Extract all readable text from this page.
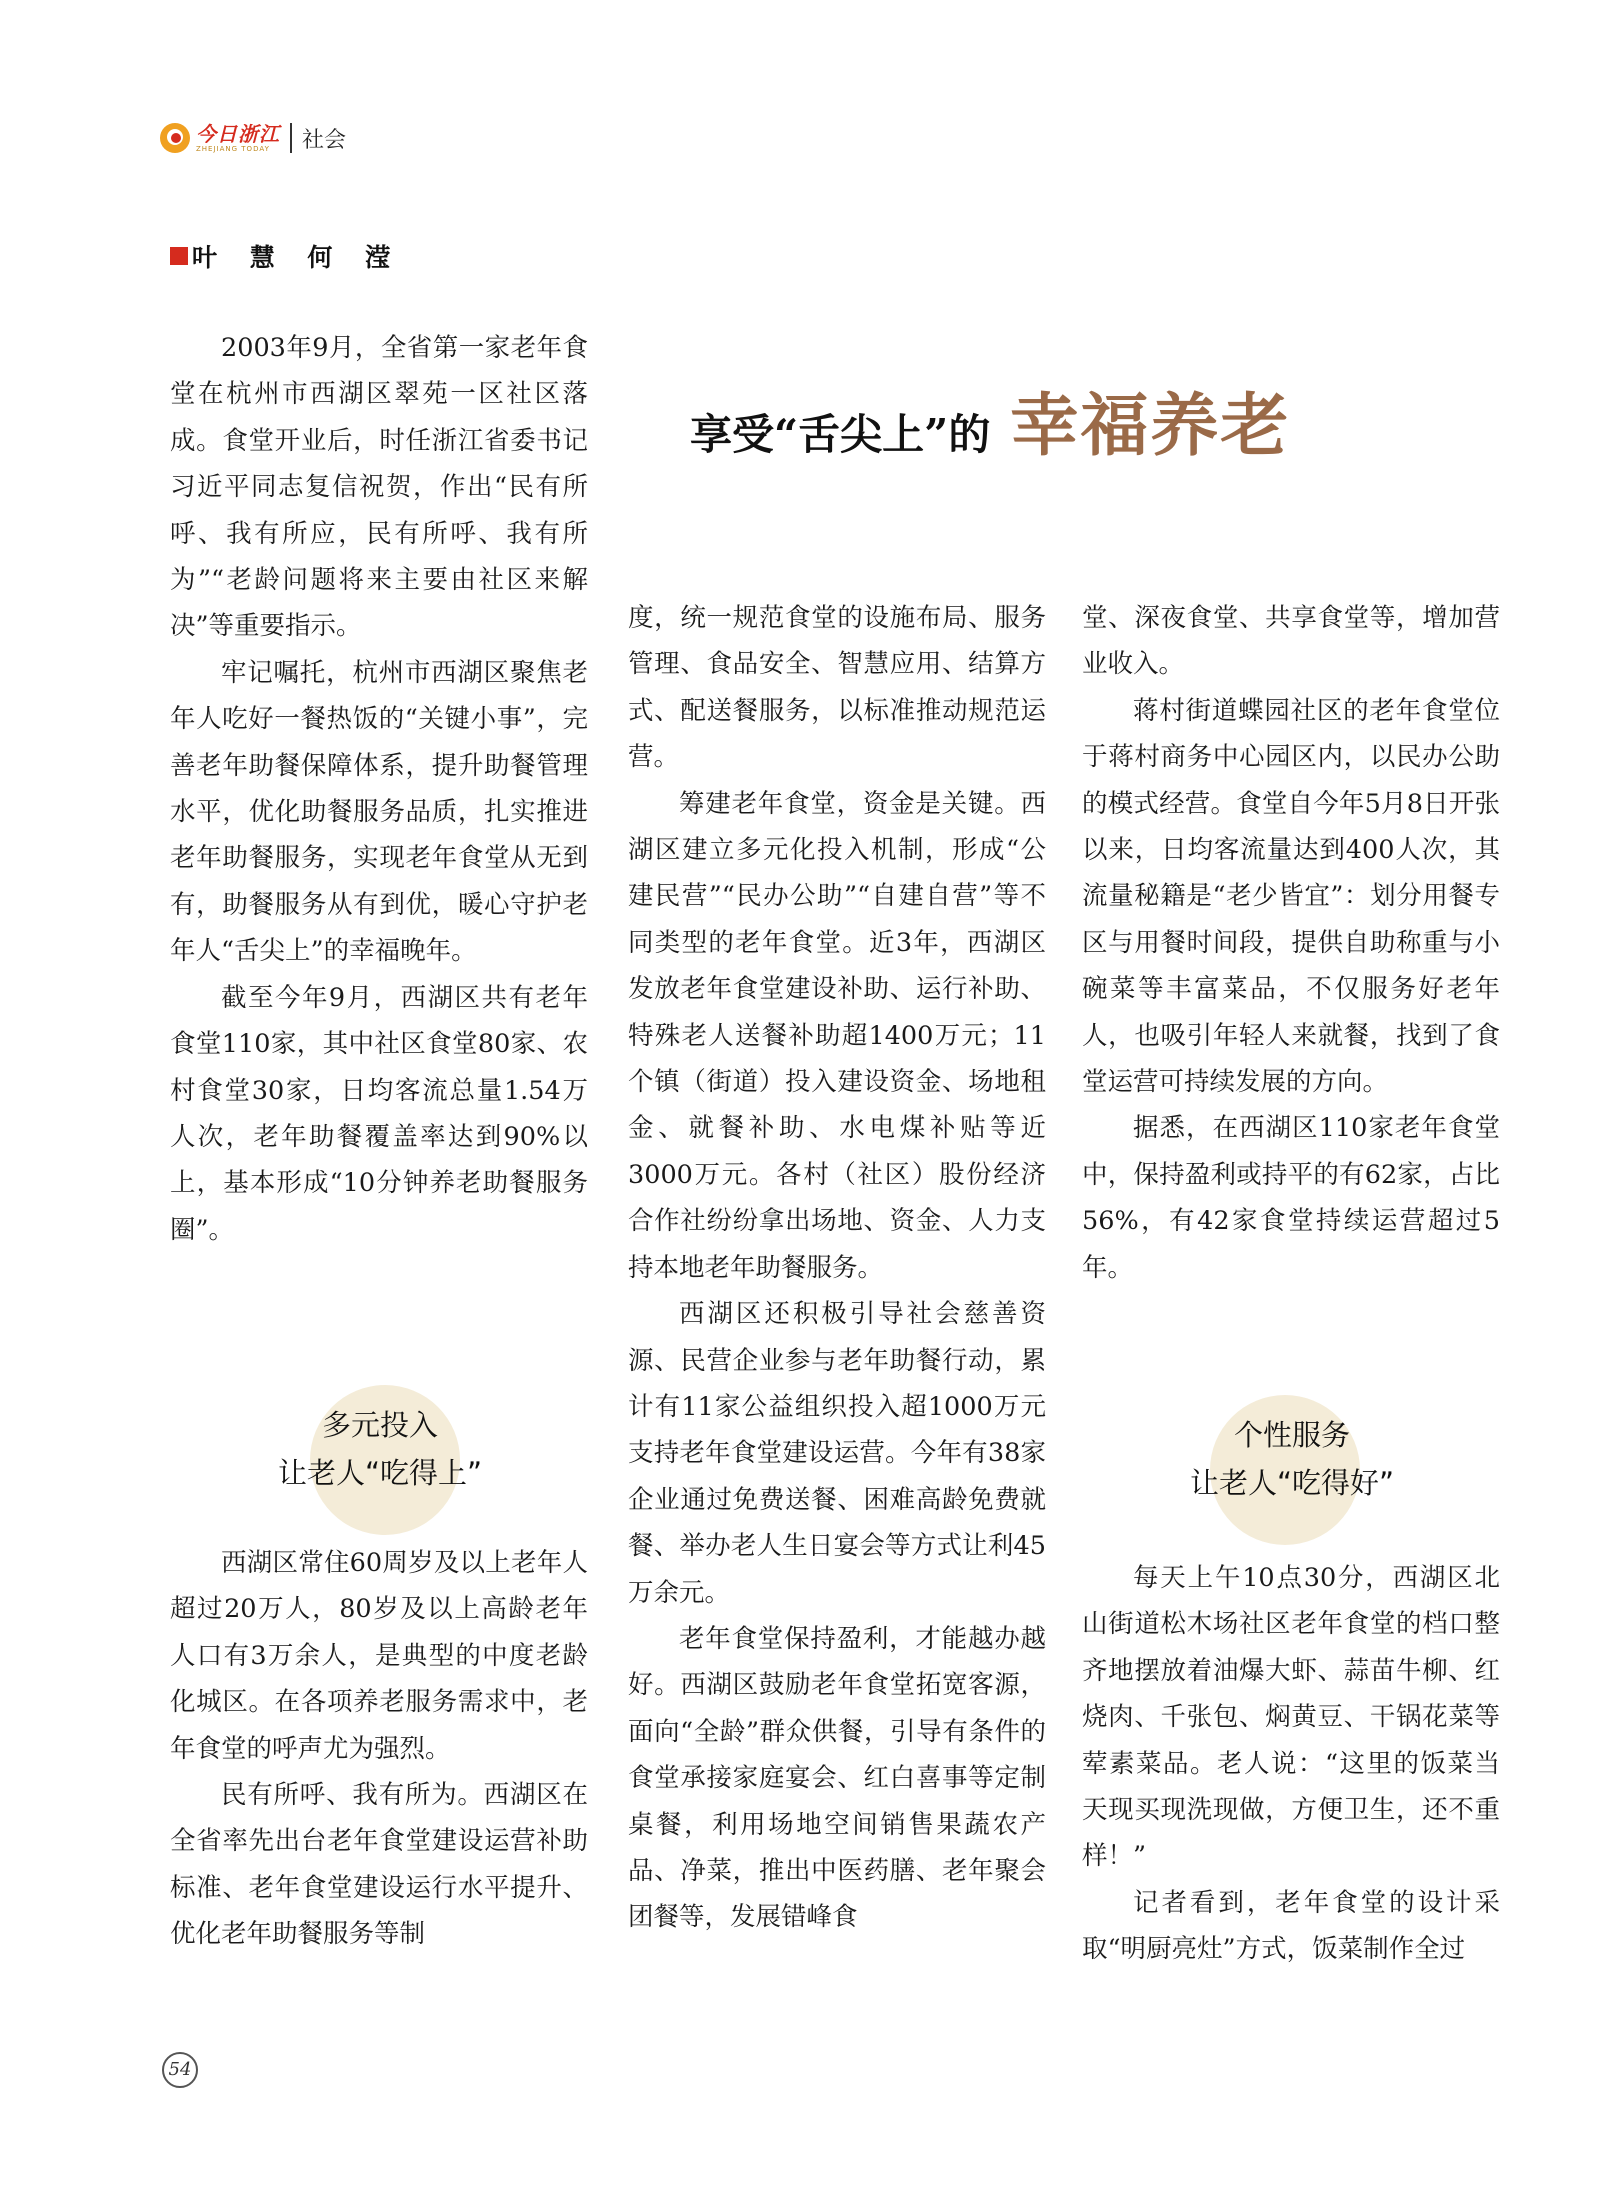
今日浙江
ZHEJIANG TODAY	社会
叶 慧 何 滢
享受“舌尖上”的 幸福养老

2003年9月，全省第一家老年食堂在杭州市西湖区翠苑一区社区落成。食堂开业后，时任浙江省委书记习近平同志复信祝贺，作出“民有所呼、我有所应，民有所呼、我有所为”“老龄问题将来主要由社区来解决”等重要指示。

牢记嘱托，杭州市西湖区聚焦老年人吃好一餐热饭的“关键小事”，完善老年助餐保障体系，提升助餐管理水平，优化助餐服务品质，扎实推进老年助餐服务，实现老年食堂从无到有，助餐服务从有到优，暖心守护老年人“舌尖上”的幸福晚年。

截至今年9月，西湖区共有老年食堂110家，其中社区食堂80家、农村食堂30家，日均客流总量1.54万人次，老年助餐覆盖率达到90%以上，基本形成“10分钟养老助餐服务圈”。

多元投入
让老人“吃得上”

西湖区常住60周岁及以上老年人超过20万人，80岁及以上高龄老年人口有3万余人，是典型的中度老龄化城区。在各项养老服务需求中，老年食堂的呼声尤为强烈。

民有所呼、我有所为。西湖区在全省率先出台老年食堂建设运营补助标准、老年食堂建设运行水平提升、优化老年助餐服务等制

度，统一规范食堂的设施布局、服务管理、食品安全、智慧应用、结算方式、配送餐服务，以标准推动规范运营。

筹建老年食堂，资金是关键。西湖区建立多元化投入机制，形成“公建民营”“民办公助”“自建自营”等不同类型的老年食堂。近3年，西湖区发放老年食堂建设补助、运行补助、特殊老人送餐补助超1400万元；11个镇（街道）投入建设资金、场地租金、就餐补助、水电煤补贴等近3000万元。各村（社区）股份经济合作社纷纷拿出场地、资金、人力支持本地老年助餐服务。

西湖区还积极引导社会慈善资源、民营企业参与老年助餐行动，累计有11家公益组织投入超1000万元支持老年食堂建设运营。今年有38家企业通过免费送餐、困难高龄免费就餐、举办老人生日宴会等方式让利45万余元。

老年食堂保持盈利，才能越办越好。西湖区鼓励老年食堂拓宽客源，面向“全龄”群众供餐，引导有条件的食堂承接家庭宴会、红白喜事等定制桌餐，利用场地空间销售果蔬农产品、净菜，推出中医药膳、老年聚会团餐等，发展错峰食

堂、深夜食堂、共享食堂等，增加营业收入。

蒋村街道蝶园社区的老年食堂位于蒋村商务中心园区内，以民办公助的模式经营。食堂自今年5月8日开张以来，日均客流量达到400人次，其流量秘籍是“老少皆宜”：划分用餐专区与用餐时间段，提供自助称重与小碗菜等丰富菜品，不仅服务好老年人，也吸引年轻人来就餐，找到了食堂运营可持续发展的方向。

据悉，在西湖区110家老年食堂中，保持盈利或持平的有62家，占比56%，有42家食堂持续运营超过5年。

个性服务
让老人“吃得好”

每天上午10点30分，西湖区北山街道松木场社区老年食堂的档口整齐地摆放着油爆大虾、蒜苗牛柳、红烧肉、千张包、焖黄豆、干锅花菜等荤素菜品。老人说：“这里的饭菜当天现买现洗现做，方便卫生，还不重样！”

记者看到，老年食堂的设计采取“明厨亮灶”方式，饭菜制作全过

54
